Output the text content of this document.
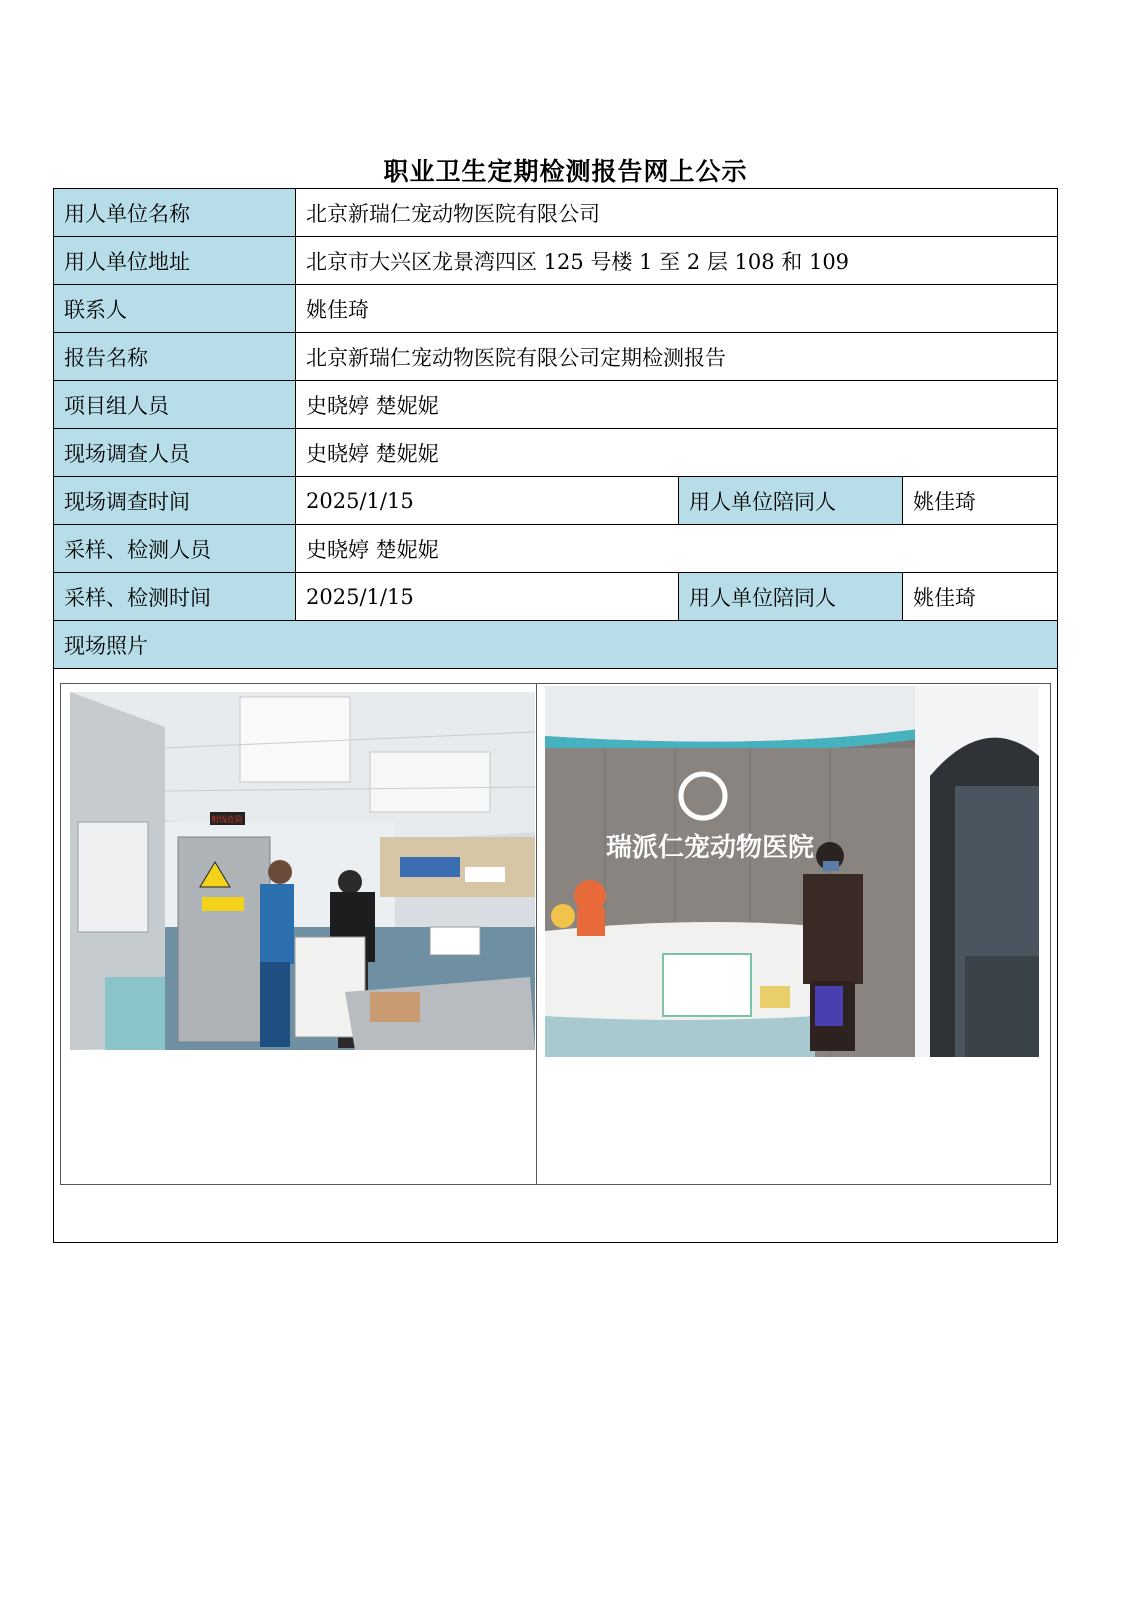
职业卫生定期检测报告网上公示
用人单位名称	北京新瑞仁宠动物医院有限公司		
用人单位地址	北京市大兴区龙景湾四区 125 号楼 1 至 2 层 108 和 109		
联系人	姚佳琦		
报告名称	北京新瑞仁宠动物医院有限公司定期检测报告		
项目组人员	史晓婷 楚妮妮		
现场调查人员	史晓婷 楚妮妮		
现场调查时间	2025/1/15	用人单位陪同人	姚佳琦
采样、检测人员	史晓婷 楚妮妮		
采样、检测时间	2025/1/15	用人单位陪同人	姚佳琦
现场照片			

射线危险
瑞派仁宠动物医院			
